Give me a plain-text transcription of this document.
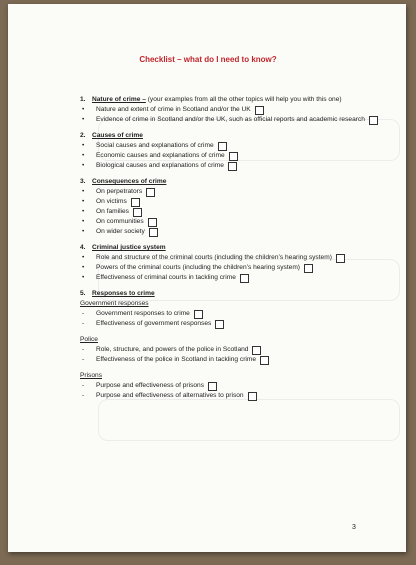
Checklist – what do I need to know?
1. Nature of crime – (your examples from all the other topics will help you with this one)
•	Nature and extent of crime in Scotland and/or the UK
•	Evidence of crime in Scotland and/or the UK, such as official reports and academic research
2. Causes of crime
•	Social causes and explanations of crime
•	Economic causes and explanations of crime
•	Biological causes and explanations of crime
3. Consequences of crime
•	On perpetrators
•	On victims
•	On families
•	On communities
•	On wider society
4. Criminal justice system
•	Role and structure of the criminal courts (including the children’s hearing system)
•	Powers of the criminal courts (including the children’s hearing system)
•	Effectiveness of criminal courts in tackling crime
5. Responses to crime
Government responses
-	Government responses to crime
-	Effectiveness of government responses
Police
-	Role, structure, and powers of the police in Scotland
-	Effectiveness of the police in Scotland in tackling crime
Prisons
-	Purpose and effectiveness of prisons
-	Purpose and effectiveness of alternatives to prison
3
